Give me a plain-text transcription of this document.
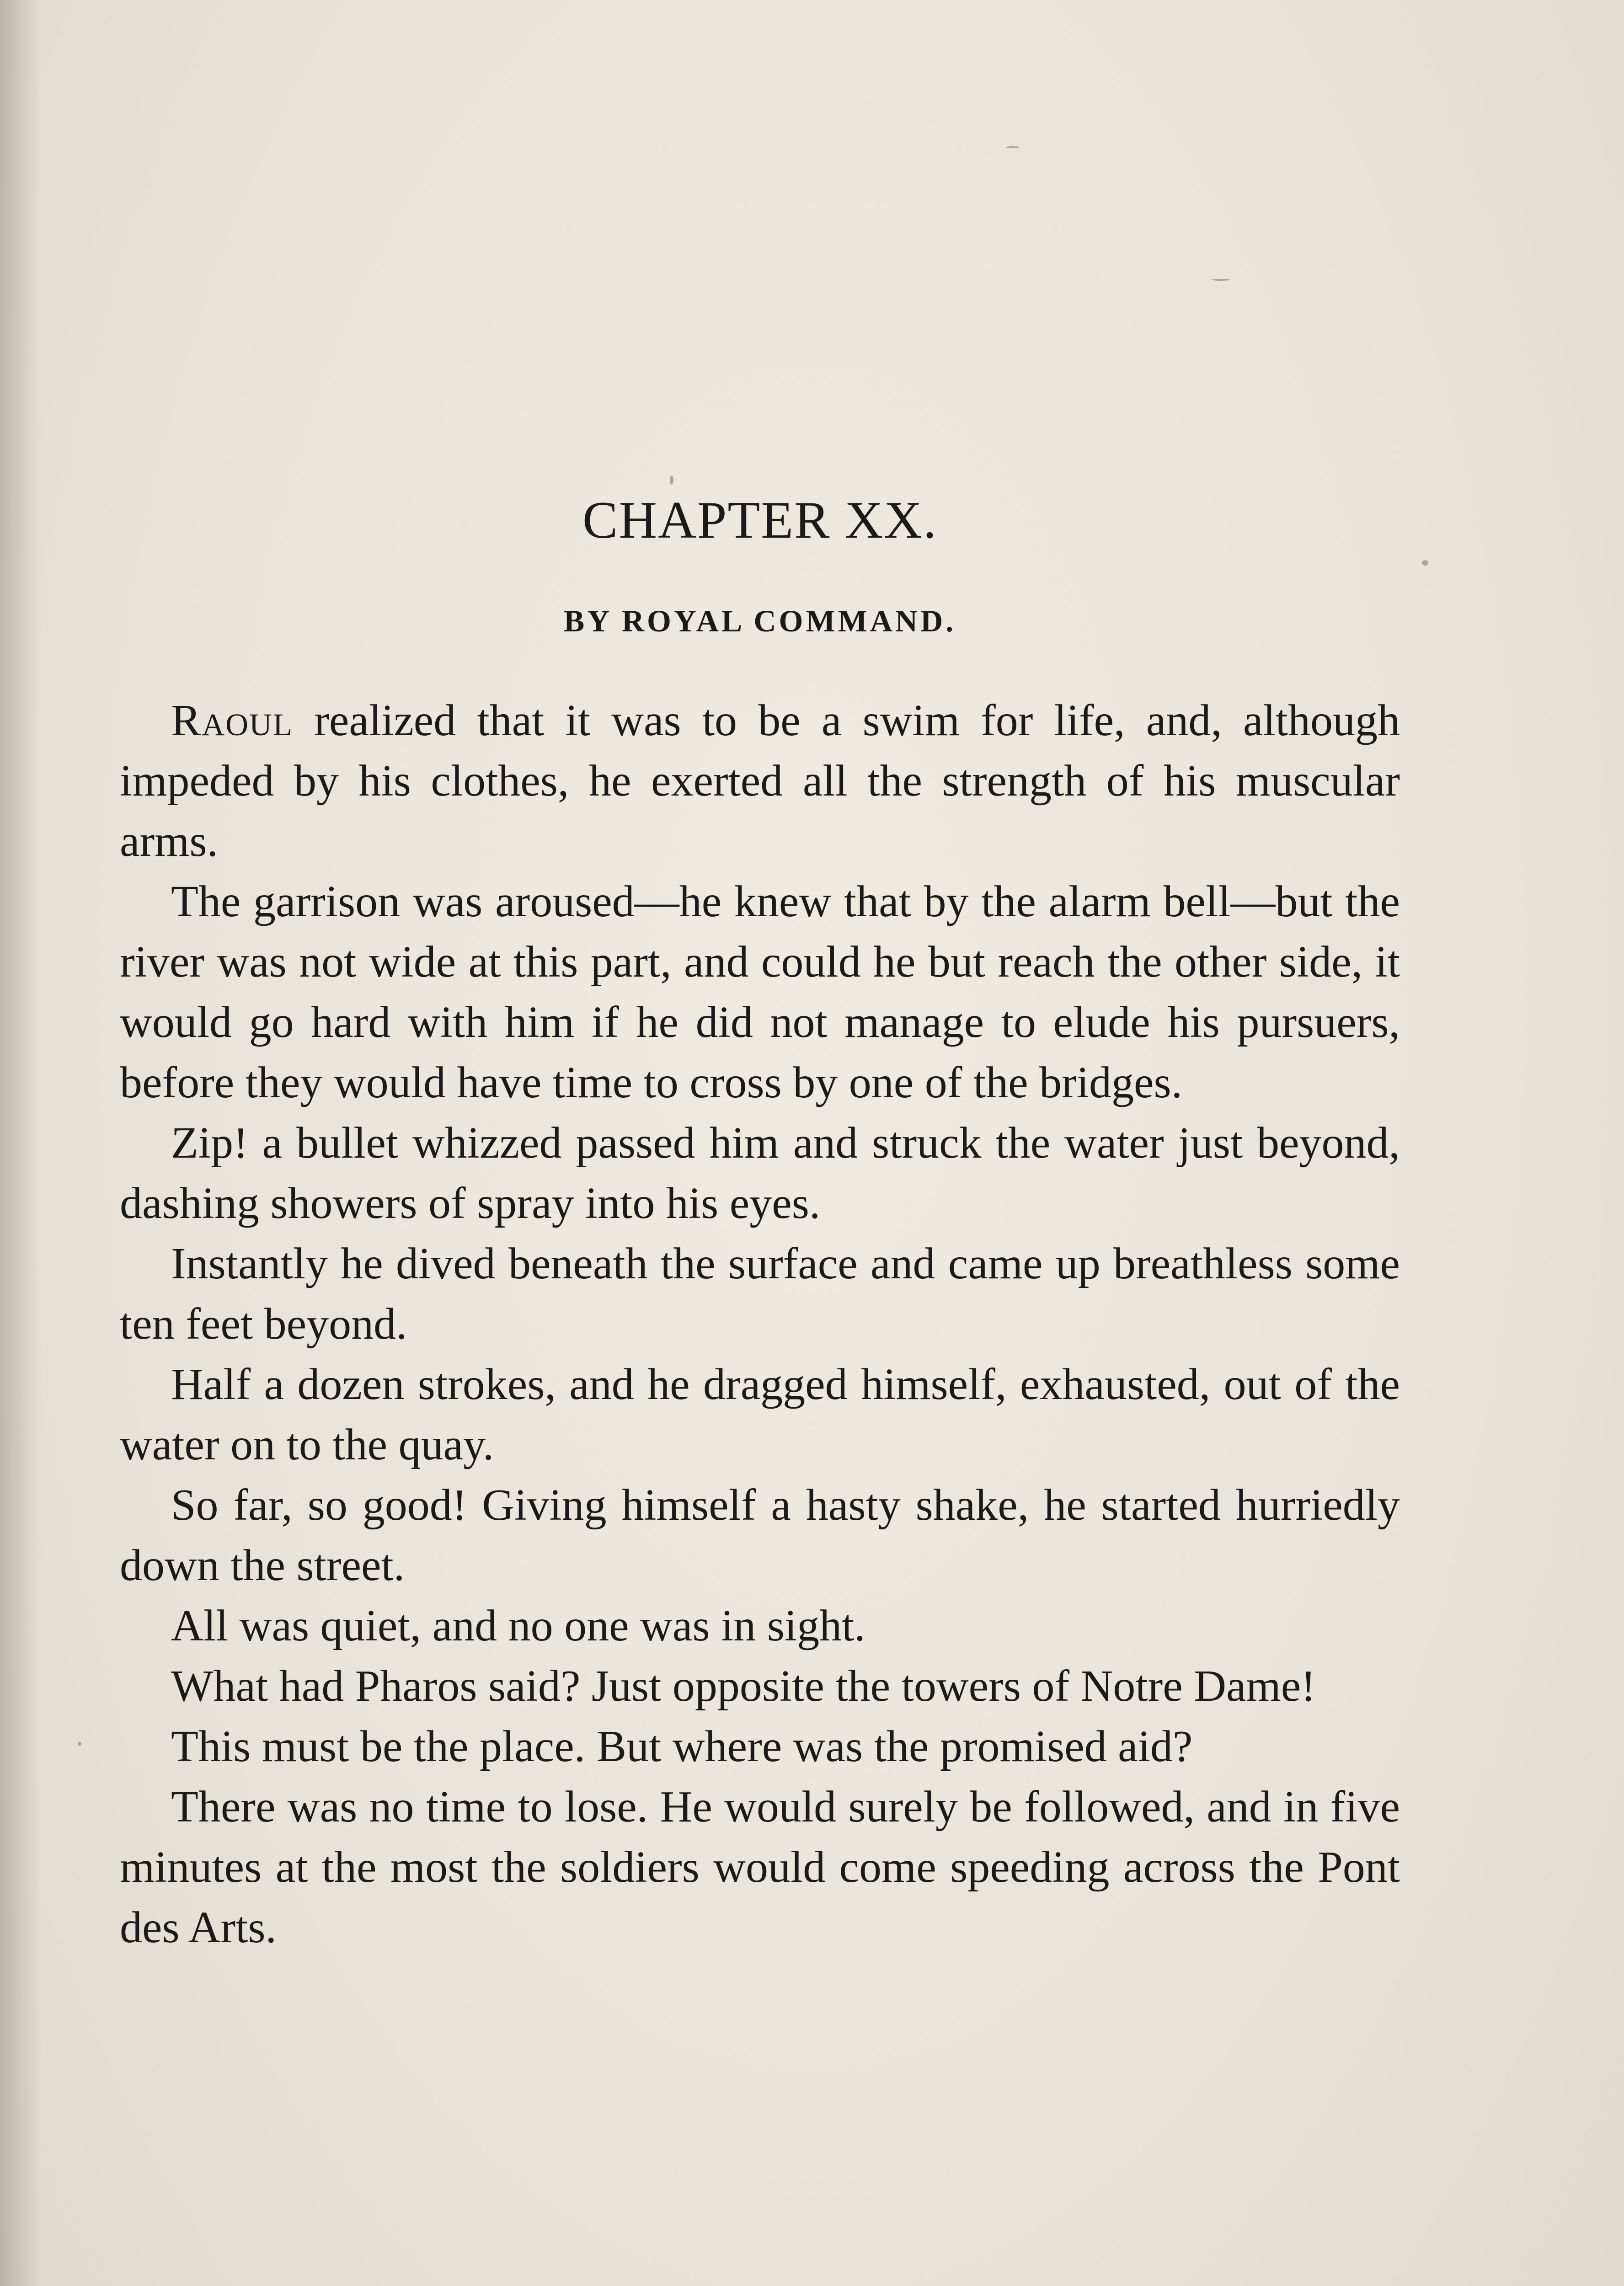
CHAPTER XX.
BY ROYAL COMMAND.

Raoul realized that it was to be a swim for life, and, although impeded by his clothes, he exerted all the strength of his muscular arms.

The garrison was aroused—he knew that by the alarm bell—but the river was not wide at this part, and could he but reach the other side, it would go hard with him if he did not manage to elude his pursuers, before they would have time to cross by one of the bridges.

Zip! a bullet whizzed passed him and struck the water just beyond, dashing showers of spray into his eyes.

Instantly he dived beneath the surface and came up breathless some ten feet beyond.

Half a dozen strokes, and he dragged himself, exhausted, out of the water on to the quay.

So far, so good! Giving himself a hasty shake, he started hurriedly down the street.

All was quiet, and no one was in sight.

What had Pharos said? Just opposite the towers of Notre Dame!

This must be the place. But where was the promised aid?

There was no time to lose. He would surely be followed, and in five minutes at the most the soldiers would come speeding across the Pont des Arts.
